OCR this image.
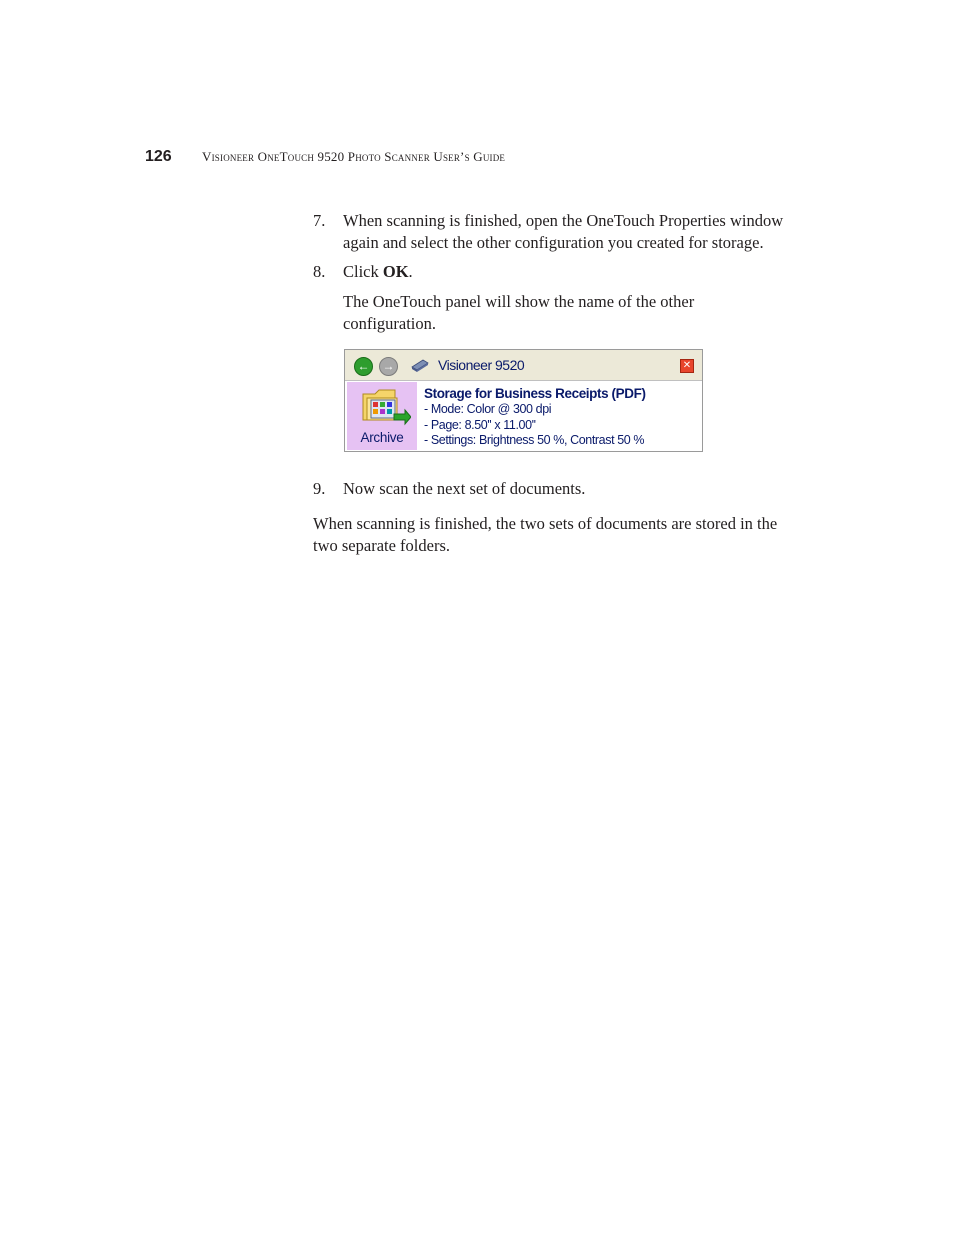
126 Visioneer OneTouch 9520 Photo Scanner User’s Guide
7. When scanning is finished, open the OneTouch Properties window
again and select the other configuration you created for storage.
8. Click OK.
The OneTouch panel will show the name of the other
configuration.
← →	Visioneer 9520	✕
Archive
Storage for Business Receipts (PDF)
- Mode: Color @ 300 dpi
- Page: 8.50'' x 11.00''
- Settings: Brightness 50 %, Contrast 50 %
9. Now scan the next set of documents.
When scanning is finished, the two sets of documents are stored in the
two separate folders.
